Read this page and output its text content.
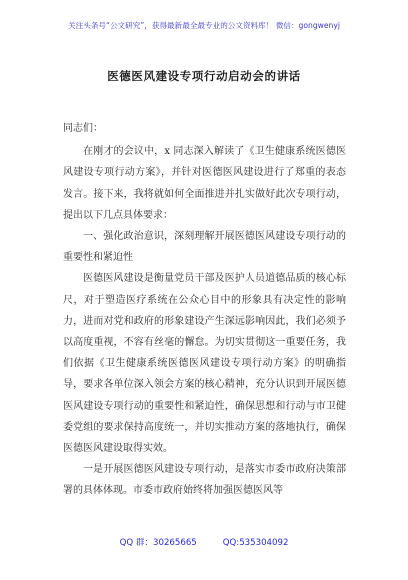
关注头条号“公文研究”，获得最新最全最专业的公文资料库！ 微信：gongwenyj
医德医风建设专项行动启动会的讲话

同志们：

在刚才的会议中，x 同志深入解读了《卫生健康系统医德医风建设专项行动方案》，并针对医德医风建设进行了郑重的表态发言。接下来，我将就如何全面推进并扎实做好此次专项行动，提出以下几点具体要求：

一、强化政治意识，深刻理解开展医德医风建设专项行动的重要性和紧迫性

医德医风建设是衡量党员干部及医护人员道德品质的核心标尺，对于塑造医疗系统在公众心目中的形象具有决定性的影响力，进而对党和政府的形象建设产生深远影响因此，我们必须予以高度重视，不容有丝毫的懈怠。为切实贯彻这一重要任务，我们依据《卫生健康系统医德医风建设专项行动方案》的明确指导，要求各单位深入领会方案的核心精神，充分认识到开展医德医风建设专项行动的重要性和紧迫性，确保思想和行动与市卫健委党组的要求保持高度统一，并切实推动方案的落地执行，确保医德医风建设取得实效。

一是开展医德医风建设专项行动，是落实市委市政府决策部署的具体体现。市委市政府始终将加强医德医风等

QQ 群：30265665	QQ:535304092
